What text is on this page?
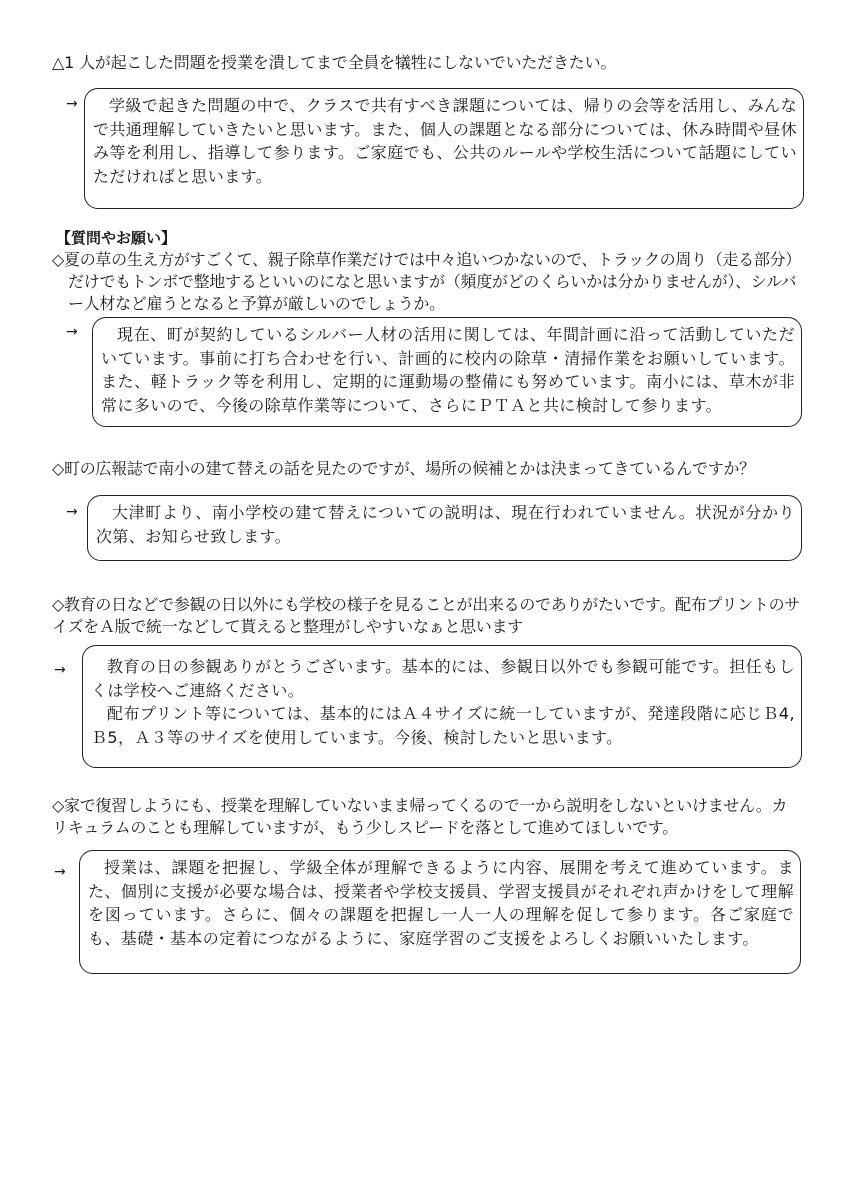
△1 人が起こした問題を授業を潰してまで全員を犠牲にしないでいただきたい。
→	学級で起きた問題の中で、クラスで共有すべき課題については、帰りの会等を活用し、みんなで共通理解していきたいと思います。また、個人の課題となる部分については、休み時間や昼休み等を利用し、指導して参ります。ご家庭でも、公共のルールや学校生活について話題にしていただければと思います。

【質問やお願い】
◇夏の草の生え方がすごくて、親子除草作業だけでは中々追いつかないので、トラックの周り（走る部分）だけでもトンボで整地するといいのになと思いますが（頻度がどのくらいかは分かりませんが）、シルバー人材など雇うとなると予算が厳しいのでしょうか。
→	現在、町が契約しているシルバー人材の活用に関しては、年間計画に沿って活動していただいています。事前に打ち合わせを行い、計画的に校内の除草・清掃作業をお願いしています。また、軽トラック等を利用し、定期的に運動場の整備にも努めています。南小には、草木が非常に多いので、今後の除草作業等について、さらにＰＴＡと共に検討して参ります。

◇町の広報誌で南小の建て替えの話を見たのですが、場所の候補とかは決まってきているんですか？
→	大津町より、南小学校の建て替えについての説明は、現在行われていません。状況が分かり次第、お知らせ致します。

◇教育の日などで参観の日以外にも学校の様子を見ることが出来るのでありがたいです。配布プリントのサイズをＡ版で統一などして貰えると整理がしやすいなぁと思います
→	教育の日の参観ありがとうございます。基本的には、参観日以外でも参観可能です。担任もしくは学校へご連絡ください。

配布プリント等については、基本的にはＡ４サイズに統一していますが、発達段階に応じＢ4,Ｂ5，Ａ３等のサイズを使用しています。今後、検討したいと思います。

◇家で復習しようにも、授業を理解していないまま帰ってくるので一から説明をしないといけません。カリキュラムのことも理解していますが、もう少しスピードを落として進めてほしいです。
→	授業は、課題を把握し、学級全体が理解できるように内容、展開を考えて進めています。また、個別に支援が必要な場合は、授業者や学校支援員、学習支援員がそれぞれ声かけをして理解を図っています。さらに、個々の課題を把握し一人一人の理解を促して参ります。各ご家庭でも、基礎・基本の定着につながるように、家庭学習のご支援をよろしくお願いいたします。
